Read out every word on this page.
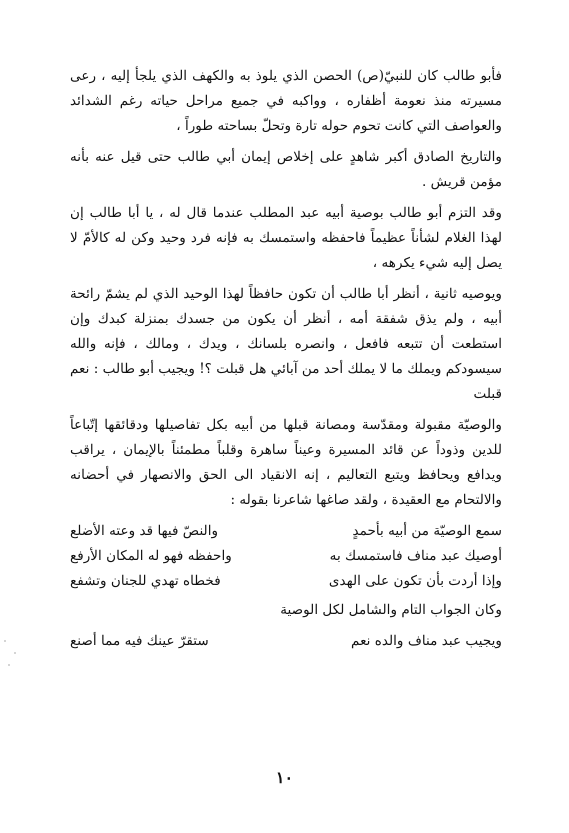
فأبو طالب كان للنبيّ(ص) الحصن الذي يلوذ به والكهف الذي يلجأ إليه ، رعى مسيرته منذ نعومة أظفاره ، وواكبه في جميع مراحل حياته رغم الشدائد والعواصف التي كانت تحوم حوله تارة وتحلّ بساحته طوراً ،

والتاريخ الصادق أكبر شاهدٍ على إخلاص إيمان أبي طالب حتى قيل عنه بأنه مؤمن قريش .

وقد التزم أبو طالب بوصية أبيه عبد المطلب عندما قال له ، يا أبا طالب إن لهذا الغلام لشأناً عظيماً فاحفظه واستمسك به فإنه فرد وحيد وكن له كالأمّ لا يصل إليه شيء يكرهه ،

ويوصيه ثانية ، أنظر أبا طالب أن تكون حافظاً لهذا الوحيد الذي لم يشمّ رائحة أبيه ، ولم يذق شفقة أمه ، أنظر أن يكون من جسدك بمنزلة كبدك وإن استطعت أن تتبعه فافعل ، وانصره بلسانك ، ويدك ، ومالك ، فإنه والله سيسودكم ويملك ما لا يملك أحد من آبائي هل قبلت ؟! ويجيب أبو طالب : نعم قبلت

والوصيّة مقبولة ومقدّسة ومصانة قبلها من أبيه بكل تفاصيلها ودقائقها إتّباعاً للدين وذوداً عن قائد المسيرة وعيناً ساهرة وقلباً مطمئناً بالإيمان ، يراقب ويدافع ويحافظ ويتبع التعاليم ، إنه الانقياد الى الحق والانصهار في أحضانه والالتحام مع العقيدة ، ولقد صاغها شاعرنا بقوله :

سمع الوصيّة من أبيه بأحمدٍ
والنصّ فيها قد وعته الأضلع
أوصيك عبد مناف فاستمسك به
واحفظه فهو له المكان الأرفع
وإذا أردت بأن تكون على الهدى
فخطاه تهدي للجنان وتشفع

وكان الجواب التام والشامل لكل الوصية

ويجيب عبد مناف والده نعم
ستقرّ عينك فيه مما أصنع
١٠
